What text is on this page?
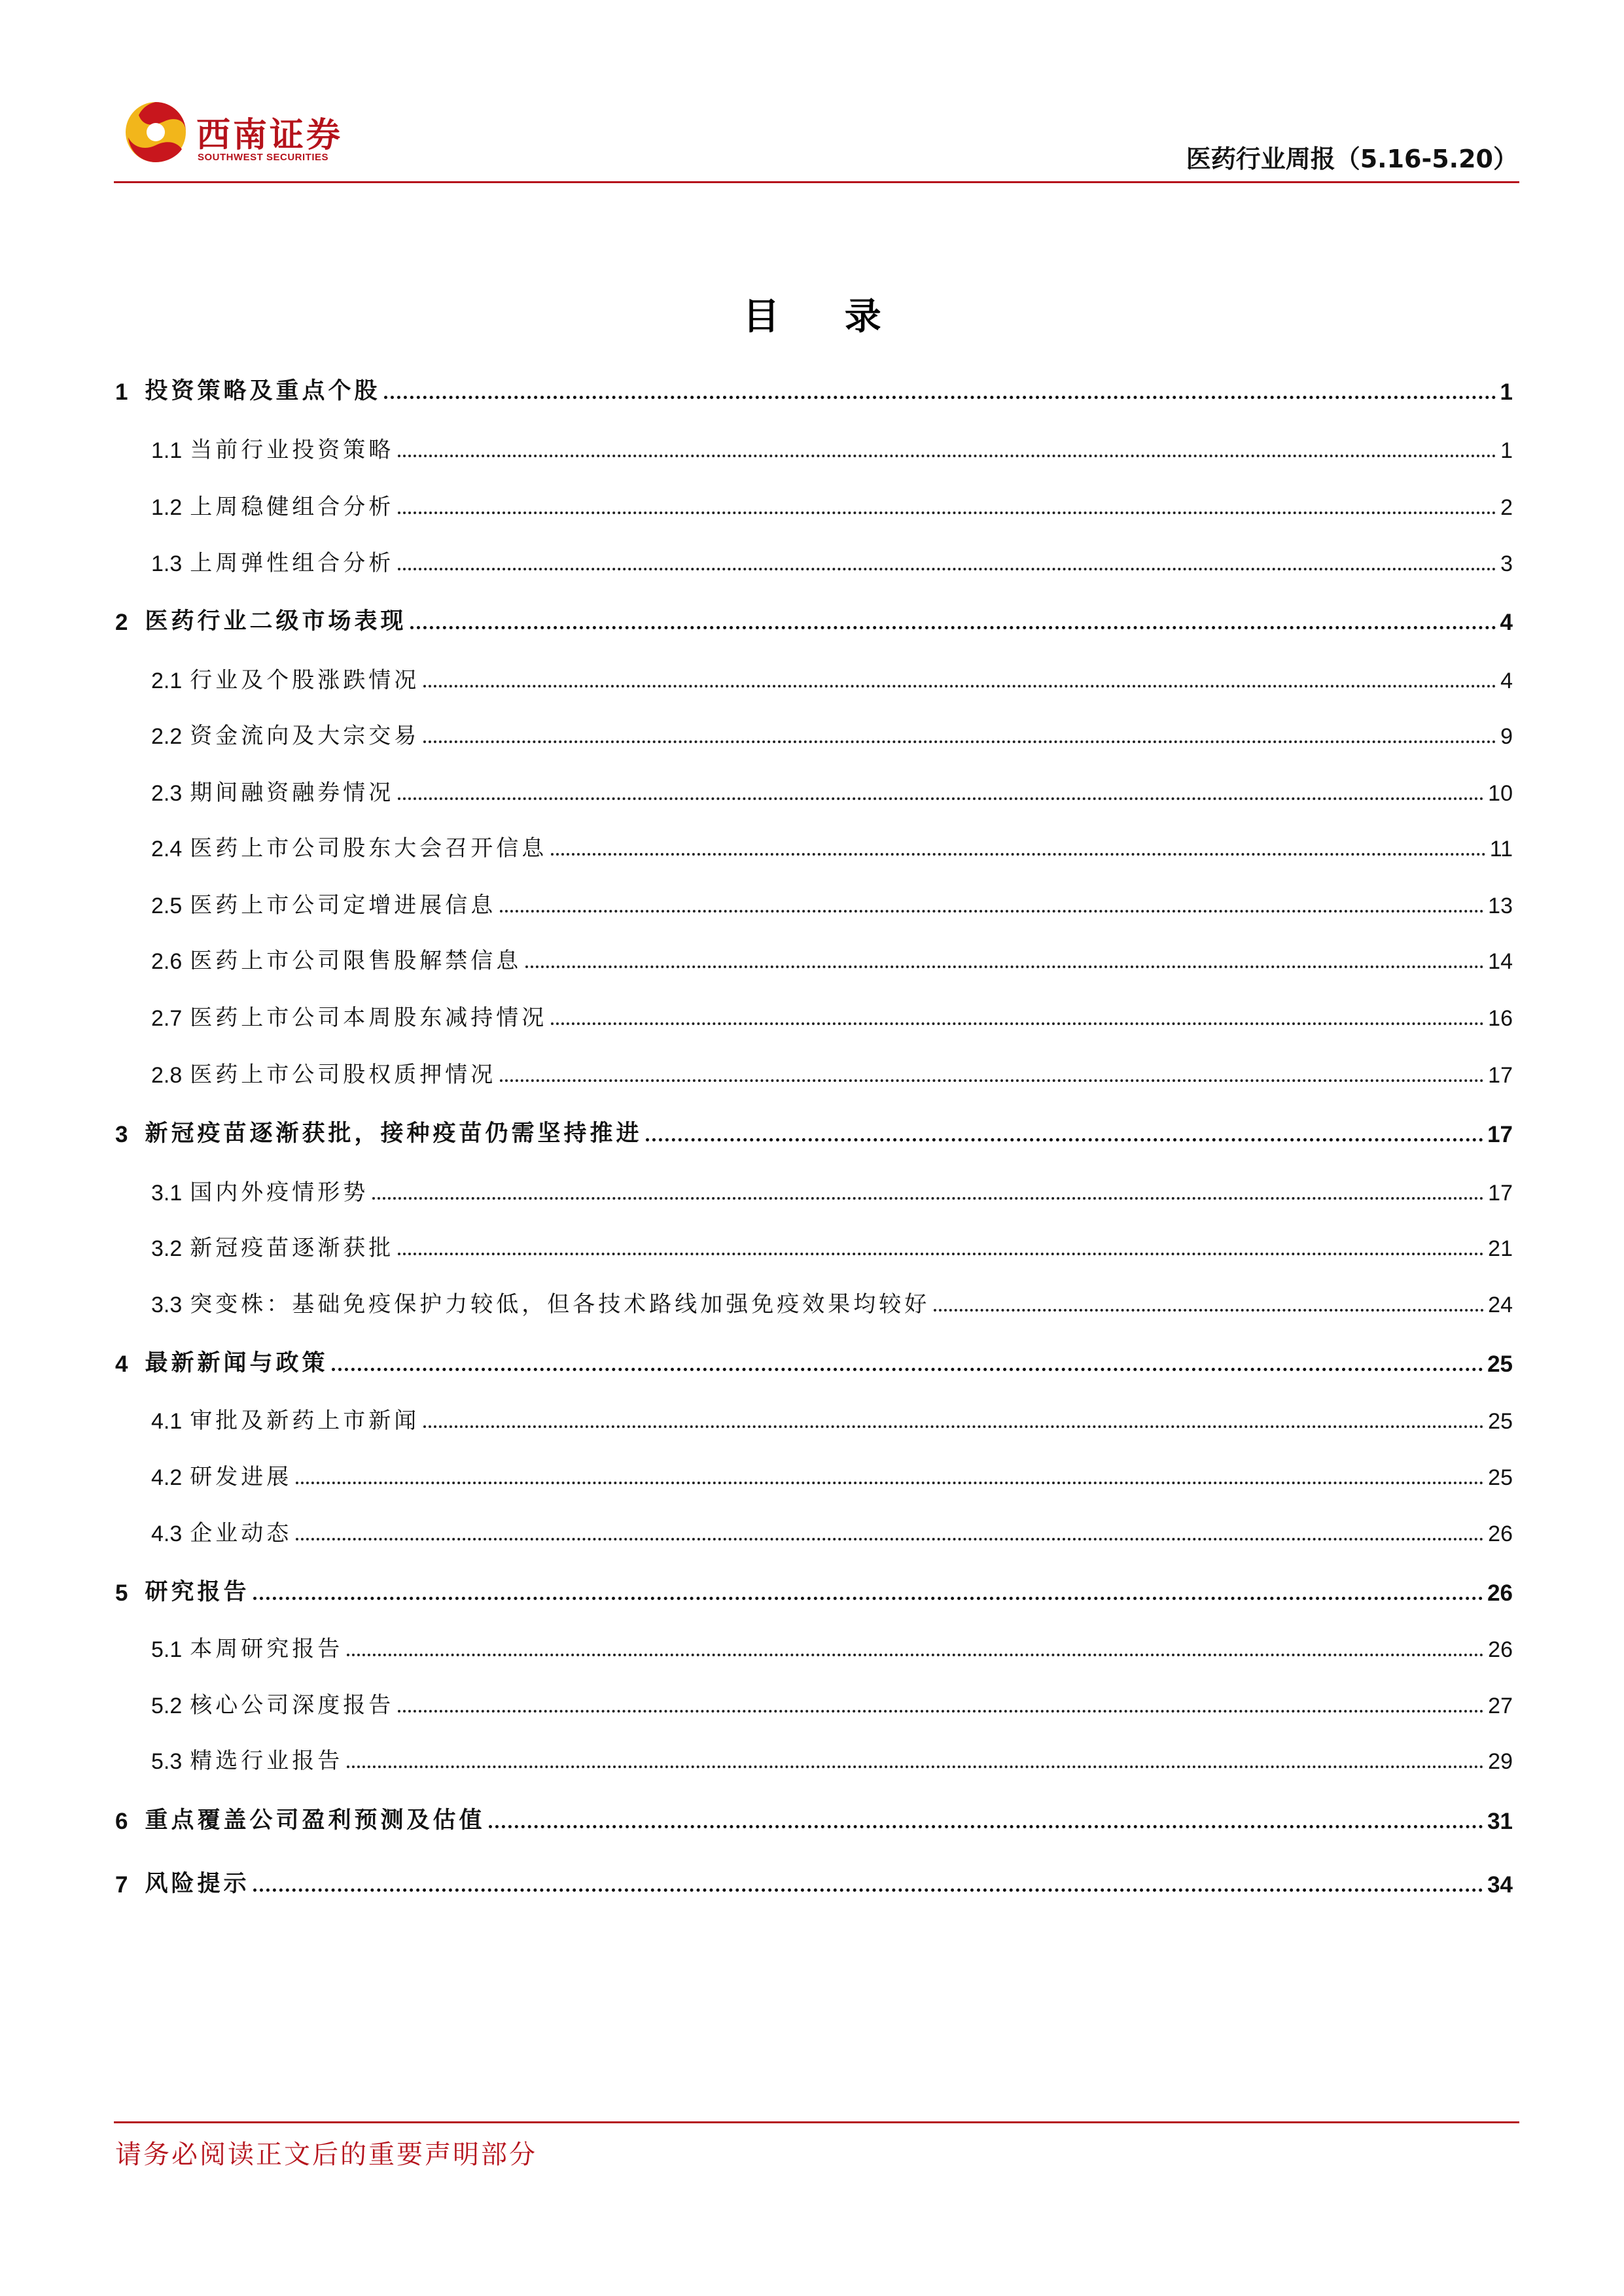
西南证券
SOUTHWEST SECURITIES	医药行业周报（5.16-5.20）
目 录
1 投资策略及重点个股	1
1.1 当前行业投资策略	1
1.2 上周稳健组合分析	2
1.3 上周弹性组合分析	3
2 医药行业二级市场表现	4
2.1 行业及个股涨跌情况	4
2.2 资金流向及大宗交易	9
2.3 期间融资融券情况	10
2.4 医药上市公司股东大会召开信息	11
2.5 医药上市公司定增进展信息	13
2.6 医药上市公司限售股解禁信息	14
2.7 医药上市公司本周股东减持情况	16
2.8 医药上市公司股权质押情况	17
3 新冠疫苗逐渐获批，接种疫苗仍需坚持推进	17
3.1 国内外疫情形势	17
3.2 新冠疫苗逐渐获批	21
3.3 突变株：基础免疫保护力较低，但各技术路线加强免疫效果均较好	24
4 最新新闻与政策	25
4.1 审批及新药上市新闻	25
4.2 研发进展	25
4.3 企业动态	26
5 研究报告	26
5.1 本周研究报告	26
5.2 核心公司深度报告	27
5.3 精选行业报告	29
6 重点覆盖公司盈利预测及估值	31
7 风险提示	34
请务必阅读正文后的重要声明部分
